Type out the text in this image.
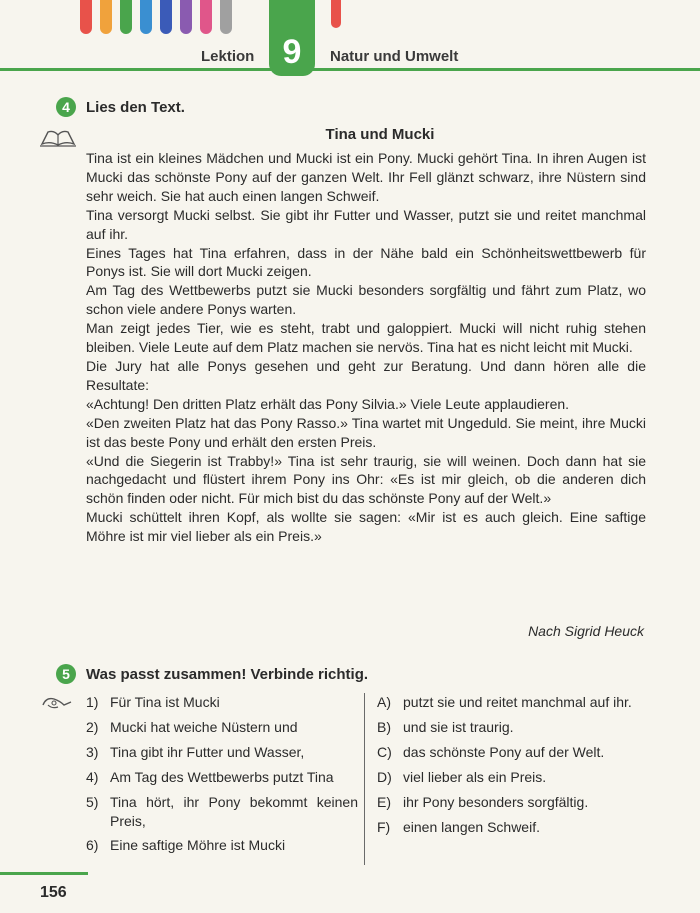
Lektion 9 Natur und Umwelt
4	Lies den Text.
Tina und Mucki

Tina ist ein kleines Mädchen und Mucki ist ein Pony. Mucki gehört Tina. In ihren Augen ist Mucki das schönste Pony auf der ganzen Welt. Ihr Fell glänzt schwarz, ihre Nüstern sind sehr weich. Sie hat auch einen langen Schweif.

Tina versorgt Mucki selbst. Sie gibt ihr Futter und Wasser, putzt sie und reitet manchmal auf ihr.

Eines Tages hat Tina erfahren, dass in der Nähe bald ein Schönheitswettbewerb für Ponys ist. Sie will dort Mucki zeigen.

Am Tag des Wettbewerbs putzt sie Mucki besonders sorgfältig und fährt zum Platz, wo schon viele andere Ponys warten.

Man zeigt jedes Tier, wie es steht, trabt und galoppiert. Mucki will nicht ruhig stehen bleiben. Viele Leute auf dem Platz machen sie nervös. Tina hat es nicht leicht mit Mucki.

Die Jury hat alle Ponys gesehen und geht zur Beratung. Und dann hören alle die Resultate:

«Achtung! Den dritten Platz erhält das Pony Silvia.» Viele Leute applaudieren.

«Den zweiten Platz hat das Pony Rasso.» Tina wartet mit Ungeduld. Sie meint, ihre Mucki ist das beste Pony und erhält den ersten Preis.

«Und die Siegerin ist Trabby!» Tina ist sehr traurig, sie will weinen. Doch dann hat sie nachgedacht und flüstert ihrem Pony ins Ohr: «Es ist mir gleich, ob die anderen dich schön finden oder nicht. Für mich bist du das schönste Pony auf der Welt.»

Mucki schüttelt ihren Kopf, als wollte sie sagen: «Mir ist es auch gleich. Eine saftige Möhre ist mir viel lieber als ein Preis.»

Nach Sigrid Heuck
5	Was passt zusammen! Verbinde richtig.
1) Für Tina ist Mucki
2) Mucki hat weiche Nüstern und
3) Tina gibt ihr Futter und Wasser,
4) Am Tag des Wettbewerbs putzt Tina
5) Tina hört, ihr Pony bekommt keinen Preis,
6) Eine saftige Möhre ist Mucki
A) putzt sie und reitet manchmal auf ihr.
B) und sie ist traurig.
C) das schönste Pony auf der Welt.
D) viel lieber als ein Preis.
E) ihr Pony besonders sorgfältig.
F) einen langen Schweif.
156
